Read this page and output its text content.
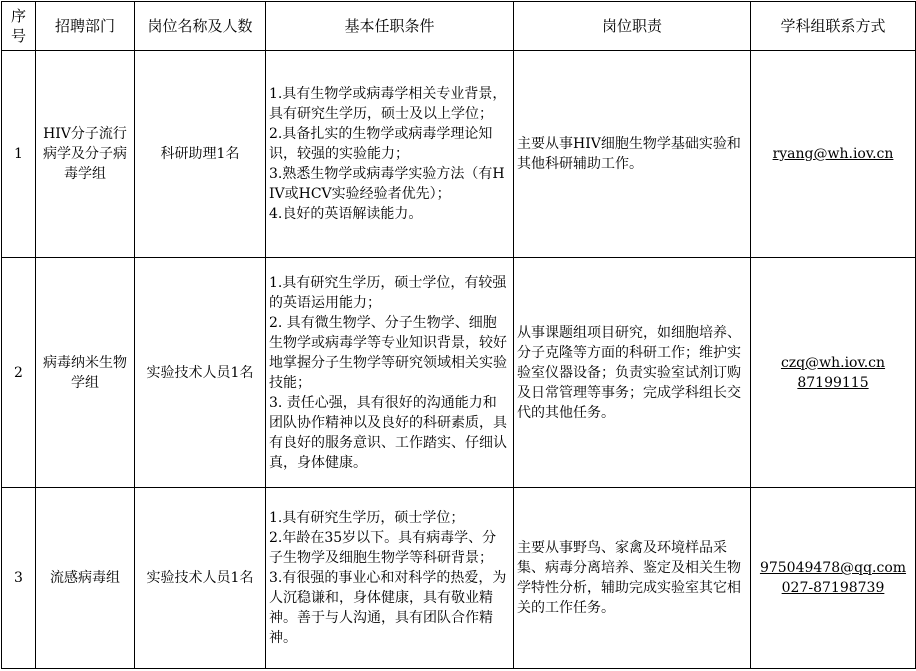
序号	招聘部门	岗位名称及人数	基本任职条件	岗位职责	学科组联系方式
1	HIV分子流行病学及分子病毒学组	科研助理1名	1.具有生物学或病毒学相关专业背景，具有研究生学历，硕士及以上学位；
2.具备扎实的生物学或病毒学理论知识，较强的实验能力；
3.熟悉生物学或病毒学实验方法（有HIV或HCV实验经验者优先）；
4.良好的英语解读能力。	主要从事HIV细胞生物学基础实验和其他科研辅助工作。	ryang@wh.iov.cn

2	病毒纳米生物学组	实验技术人员1名	1.具有研究生学历，硕士学位，有较强的英语运用能力；
2. 具有微生物学、分子生物学、细胞生物学或病毒学等专业知识背景，较好地掌握分子生物学等研究领域相关实验技能；
3. 责任心强，具有很好的沟通能力和团队协作精神以及良好的科研素质，具有良好的服务意识、工作踏实、仔细认真，身体健康。	从事课题组项目研究，如细胞培养、分子克隆等方面的科研工作；维护实验室仪器设备；负责实验室试剂订购及日常管理等事务；完成学科组长交代的其他任务。	czq@wh.iov.cn
87199115

3	流感病毒组	实验技术人员1名	1.具有研究生学历，硕士学位；
2.年龄在35岁以下。具有病毒学、分子生物学及细胞生物学等科研背景；
3.有很强的事业心和对科学的热爱，为人沉稳谦和，身体健康，具有敬业精神。善于与人沟通，具有团队合作精神。	主要从事野鸟、家禽及环境样品采集、病毒分离培养、鉴定及相关生物学特性分析，辅助完成实验室其它相关的工作任务。	975049478@qq.com
027-87198739
